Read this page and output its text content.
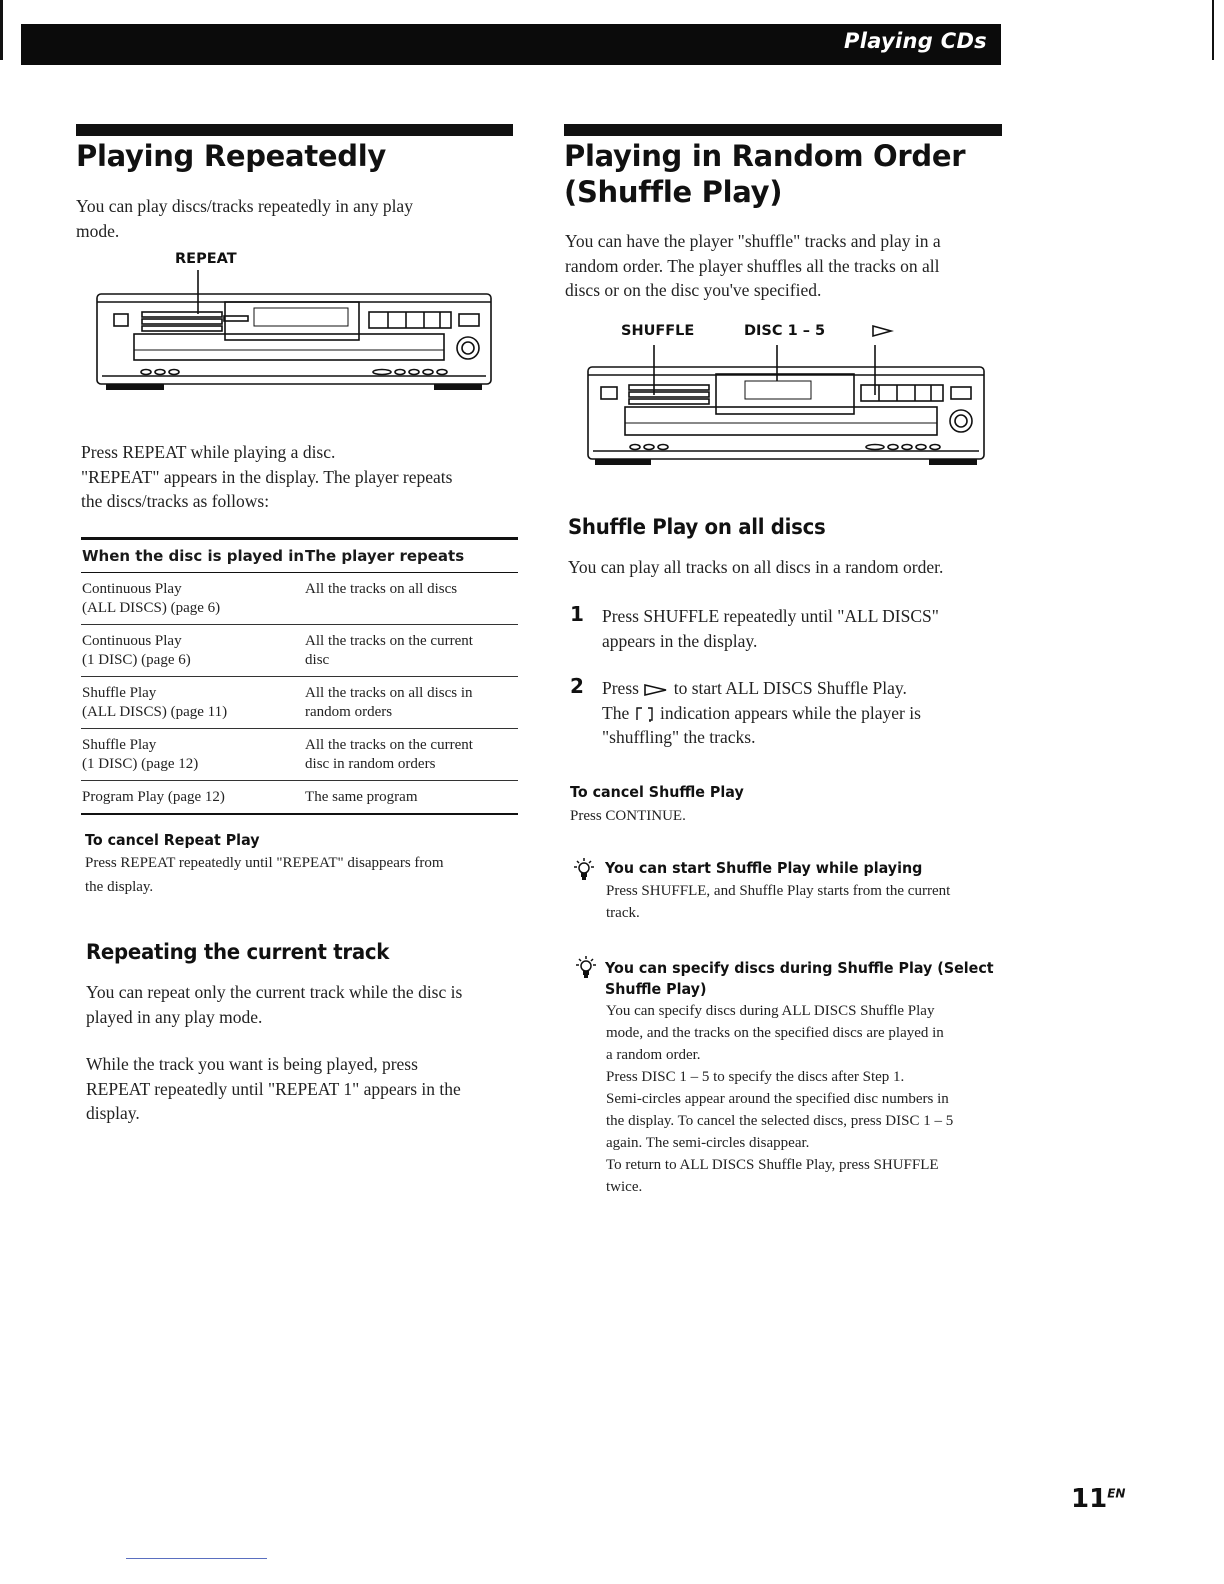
Playing CDs
Playing Repeatedly
You can play discs/tracks repeatedly in any play
mode.
REPEAT
Press REPEAT while playing a disc.
"REPEAT" appears in the display. The player repeats
the discs/tracks as follows:
When the disc is played in	The player repeats

Continuous Play
(ALL DISCS) (page 6)	All the tracks on all discs

Continuous Play
(1 DISC) (page 6)	All the tracks on the current
disc

Shuffle Play
(ALL DISCS) (page 11)	All the tracks on all discs in
random orders

Shuffle Play
(1 DISC) (page 12)	All the tracks on the current
disc in random orders

Program Play (page 12)	The same program
To cancel Repeat Play
Press REPEAT repeatedly until "REPEAT" disappears from
the display.
Repeating the current track
You can repeat only the current track while the disc is
played in any play mode.
While the track you want is being played, press
REPEAT repeatedly until "REPEAT 1" appears in the
display.
Playing in Random Order
(Shuffle Play)
You can have the player "shuffle" tracks and play in a
random order. The player shuffles all the tracks on all
discs or on the disc you've specified.
SHUFFLE	DISC 1 – 5
Shuffle Play on all discs
You can play all tracks on all discs in a random order.
1 Press SHUFFLE repeatedly until "ALL DISCS"
appears in the display.
2 Press to start ALL DISCS Shuffle Play.
The indication appears while the player is
"shuffling" the tracks.
To cancel Shuffle Play
Press CONTINUE.
You can start Shuffle Play while playing
Press SHUFFLE, and Shuffle Play starts from the current
track.
You can specify discs during Shuffle Play (Select
Shuffle Play)
You can specify discs during ALL DISCS Shuffle Play
mode, and the tracks on the specified discs are played in
a random order.
Press DISC 1 – 5 to specify the discs after Step 1.
Semi-circles appear around the specified disc numbers in
the display. To cancel the selected discs, press DISC 1 – 5
again. The semi-circles disappear.
To return to ALL DISCS Shuffle Play, press SHUFFLE
twice.
$11^{EN}$
